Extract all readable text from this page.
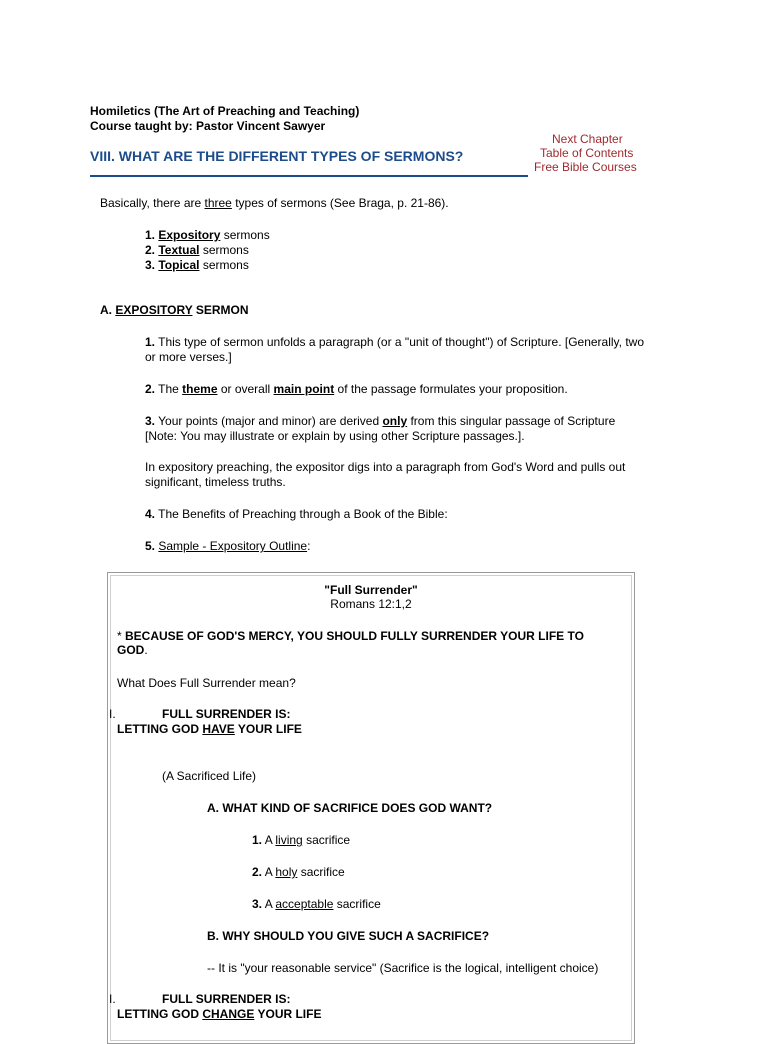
Homiletics (The Art of Preaching and Teaching)
Course taught by: Pastor Vincent Sawyer
Next Chapter
Table of Contents
Free Bible Courses
VIII. WHAT ARE THE DIFFERENT TYPES OF SERMONS?
Basically, there are three types of sermons (See Braga, p. 21-86).
1. Expository sermons
2. Textual sermons
3. Topical sermons
A. EXPOSITORY SERMON
1. This type of sermon unfolds a paragraph (or a "unit of thought") of Scripture. [Generally, two or more verses.]
2. The theme or overall main point of the passage formulates your proposition.
3. Your points (major and minor) are derived only from this singular passage of Scripture [Note: You may illustrate or explain by using other Scripture passages.].
In expository preaching, the expositor digs into a paragraph from God's Word and pulls out significant, timeless truths.
4. The Benefits of Preaching through a Book of the Bible:
5. Sample - Expository Outline:
"Full Surrender"
Romans 12:1,2
* BECAUSE OF GOD'S MERCY, YOU SHOULD FULLY SURRENDER YOUR LIFE TO
GOD.
What Does Full Surrender mean?
I.	FULL SURRENDER IS:
LETTING GOD HAVE YOUR LIFE
(A Sacrificed Life)
A. WHAT KIND OF SACRIFICE DOES GOD WANT?
1. A living sacrifice
2. A holy sacrifice
3. A acceptable sacrifice
B. WHY SHOULD YOU GIVE SUCH A SACRIFICE?
-- It is "your reasonable service" (Sacrifice is the logical, intelligent choice)
I.	FULL SURRENDER IS:
LETTING GOD CHANGE YOUR LIFE
